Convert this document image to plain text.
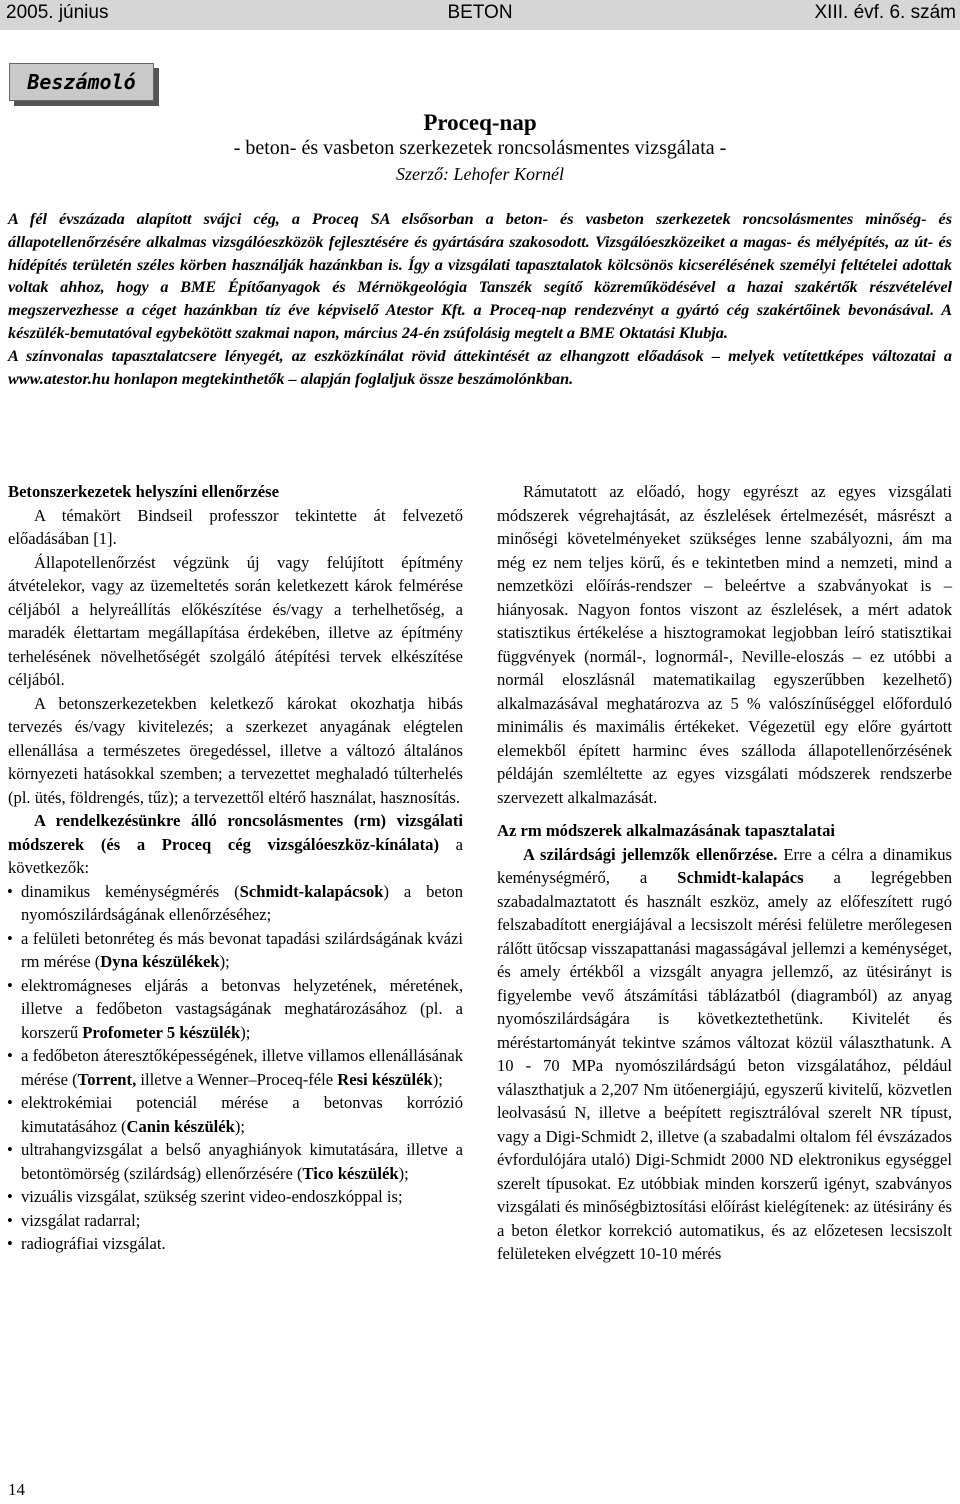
BETON
2005. június	XIII. évf. 6. szám
Beszámoló
Proceq-nap
- beton- és vasbeton szerkezetek roncsolásmentes vizsgálata -
Szerző: Lehofer Kornél

A fél évszázada alapított svájci cég, a Proceq SA elsősorban a beton- és vasbeton szerkezetek roncsolásmentes minőség- és állapotellenőrzésére alkalmas vizsgálóeszközök fejlesztésére és gyártására szakosodott. Vizsgálóeszközeiket a magas- és mélyépítés, az út- és hídépítés területén széles körben használják hazánkban is. Így a vizsgálati tapasztalatok kölcsönös kicserélésének személyi feltételei adottak voltak ahhoz, hogy a BME Építőanyagok és Mérnökgeológia Tanszék segítő közreműködésével a hazai szakértők részvételével megszervezhesse a céget hazánkban tíz éve képviselő Atestor Kft. a Proceq-nap rendezvényt a gyártó cég szakértőinek bevonásával. A készülék-bemutatóval egybekötött szakmai napon, március 24-én zsúfolásig megtelt a BME Oktatási Klubja.

A színvonalas tapasztalatcsere lényegét, az eszközkínálat rövid áttekintését az elhangzott előadások – melyek vetítettképes változatai a www.atestor.hu honlapon megtekinthetők – alapján foglaljuk össze beszámolónkban.

Betonszerkezetek helyszíni ellenőrzése

A témakört Bindseil professzor tekintette át felvezető előadásában [1].

Állapotellenőrzést végzünk új vagy felújított építmény átvételekor, vagy az üzemeltetés során keletkezett károk felmérése céljából a helyreállítás előkészítése és/vagy a terhelhetőség, a maradék élettartam megállapítása érdekében, illetve az építmény terhelésének növelhetőségét szolgáló átépítési tervek elkészítése céljából.

A betonszerkezetekben keletkező károkat okozhatja hibás tervezés és/vagy kivitelezés; a szerkezet anyagának elégtelen ellenállása a természetes öregedéssel, illetve a változó általános környezeti hatásokkal szemben; a tervezettet meghaladó túlterhelés (pl. ütés, földrengés, tűz); a tervezettől eltérő használat, hasznosítás.

A rendelkezésünkre álló roncsolásmentes (rm) vizsgálati módszerek (és a Proceq cég vizsgálóeszköz-kínálata) a következők:

• dinamikus keménységmérés (Schmidt-kalapácsok) a beton nyomószilárdságának ellenőrzéséhez;
• a felületi betonréteg és más bevonat tapadási szilárdságának kvázi rm mérése (Dyna készülékek);
• elektromágneses eljárás a betonvas helyzetének, méretének, illetve a fedőbeton vastagságának meghatározásához (pl. a korszerű Profometer 5 készülék);
• a fedőbeton áteresztőképességének, illetve villamos ellenállásának mérése (Torrent, illetve a Wenner–Proceq-féle Resi készülék);
• elektrokémiai potenciál mérése a betonvas korrózió kimutatásához (Canin készülék);
• ultrahangvizsgálat a belső anyaghiányok kimutatására, illetve a betontömörség (szilárdság) ellenőrzésére (Tico készülék);
• vizuális vizsgálat, szükség szerint video-endoszkóppal is;
• vizsgálat radarral;
• radiográfiai vizsgálat.

Rámutatott az előadó, hogy egyrészt az egyes vizsgálati módszerek végrehajtását, az észlelések értelmezését, másrészt a minőségi követelményeket szükséges lenne szabályozni, ám ma még ez nem teljes körű, és e tekintetben mind a nemzeti, mind a nemzetközi előírás-rendszer – beleértve a szabványokat is – hiányosak. Nagyon fontos viszont az észlelések, a mért adatok statisztikus értékelése a hisztogramokat legjobban leíró statisztikai függvények (normál-, lognormál-, Neville-eloszás – ez utóbbi a normál eloszlásnál matematikailag egyszerűbben kezelhető) alkalmazásával meghatározva az 5 % valószínűséggel előforduló minimális és maximális értékeket. Végezetül egy előre gyártott elemekből épített harminc éves szálloda állapotellenőrzésének példáján szemléltette az egyes vizsgálati módszerek rendszerbe szervezett alkalmazását.

Az rm módszerek alkalmazásának tapasztalatai

A szilárdsági jellemzők ellenőrzése. Erre a célra a dinamikus keménységmérő, a Schmidt-kalapács a legrégebben szabadalmaztatott és használt eszköz, amely az előfeszített rugó felszabadított energiájával a lecsiszolt mérési felületre merőlegesen rálőtt ütőcsap visszapattanási magasságával jellemzi a keménységet, és amely értékből a vizsgált anyagra jellemző, az ütésirányt is figyelembe vevő átszámítási táblázatból (diagramból) az anyag nyomószilárdságára is következtethetünk. Kivitelét és méréstartományát tekintve számos változat közül választhatunk. A 10 - 70 MPa nyomószilárdságú beton vizsgálatához, például választhatjuk a 2,207 Nm ütőenergiájú, egyszerű kivitelű, közvetlen leolvasású N, illetve a beépített regisztrálóval szerelt NR típust, vagy a Digi-Schmidt 2, illetve (a szabadalmi oltalom fél évszázados évfordulójára utaló) Digi-Schmidt 2000 ND elektronikus egységgel szerelt típusokat. Ez utóbbiak minden korszerű igényt, szabványos vizsgálati és minőségbiztosítási előírást kielégítenek: az ütésirány és a beton életkor korrekció automatikus, és az előzetesen lecsiszolt felületeken elvégzett 10-10 mérés

14
